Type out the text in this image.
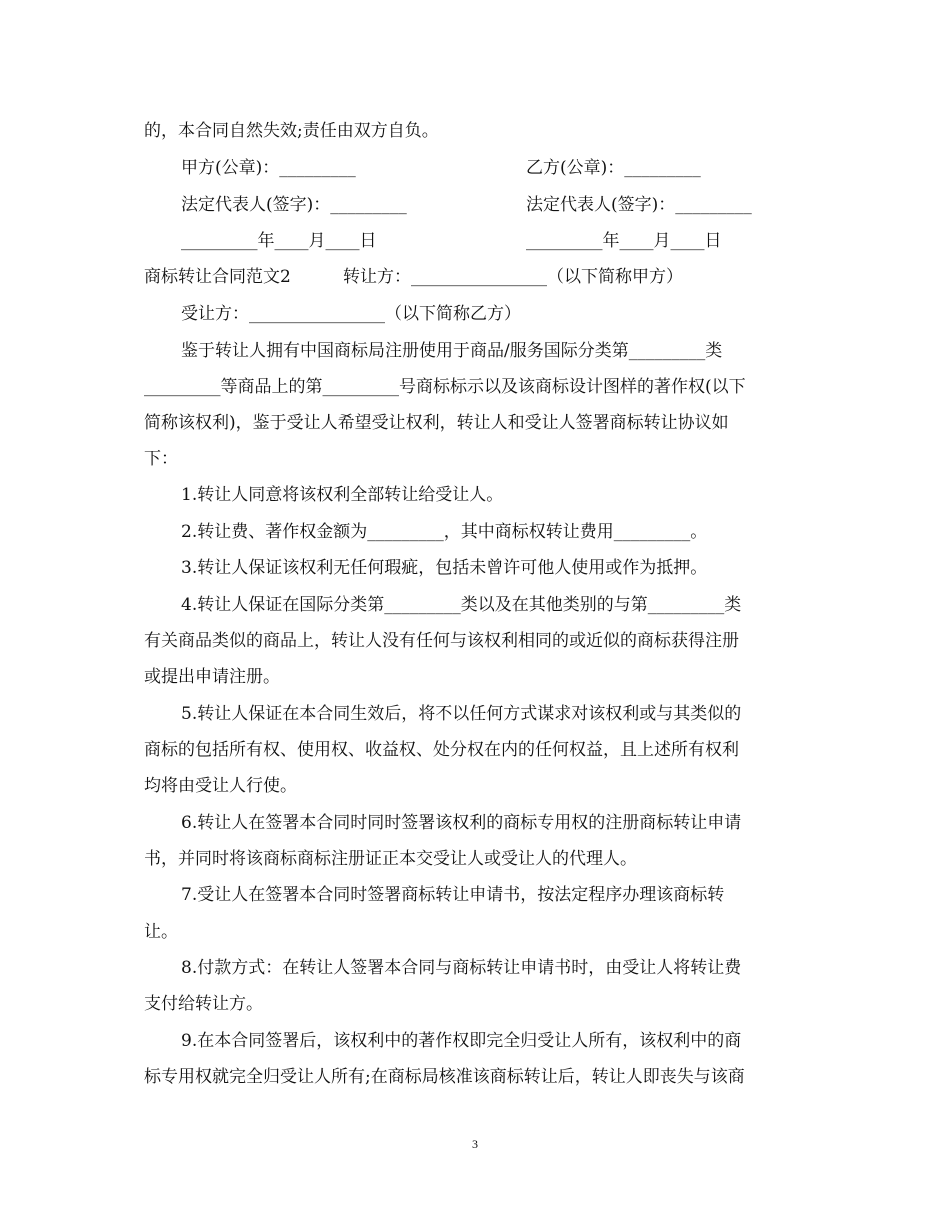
的，本合同自然失效;责任由双方自负。
甲方(公章)：_________	乙方(公章)：_________
法定代表人(签字)：_________	法定代表人(签字)：_________
_________年____月____日	_________年____月____日
商标转让合同范文2	转让方：________________（以下简称甲方）
受让方：________________（以下简称乙方）
鉴于转让人拥有中国商标局注册使用于商品/服务国际分类第_________类
_________等商品上的第_________号商标标示以及该商标设计图样的著作权(以下
简称该权利)，鉴于受让人希望受让权利，转让人和受让人签署商标转让协议如
下：
1.转让人同意将该权利全部转让给受让人。
2.转让费、著作权金额为_________，其中商标权转让费用_________。
3.转让人保证该权利无任何瑕疵，包括未曾许可他人使用或作为抵押。
4.转让人保证在国际分类第_________类以及在其他类别的与第_________类
有关商品类似的商品上，转让人没有任何与该权利相同的或近似的商标获得注册
或提出申请注册。
5.转让人保证在本合同生效后，将不以任何方式谋求对该权利或与其类似的
商标的包括所有权、使用权、收益权、处分权在内的任何权益，且上述所有权利
均将由受让人行使。
6.转让人在签署本合同时同时签署该权利的商标专用权的注册商标转让申请
书，并同时将该商标商标注册证正本交受让人或受让人的代理人。
7.受让人在签署本合同时签署商标转让申请书，按法定程序办理该商标转
让。
8.付款方式：在转让人签署本合同与商标转让申请书时，由受让人将转让费
支付给转让方。
9.在本合同签署后，该权利中的著作权即完全归受让人所有，该权利中的商
标专用权就完全归受让人所有;在商标局核准该商标转让后，转让人即丧失与该商
3
